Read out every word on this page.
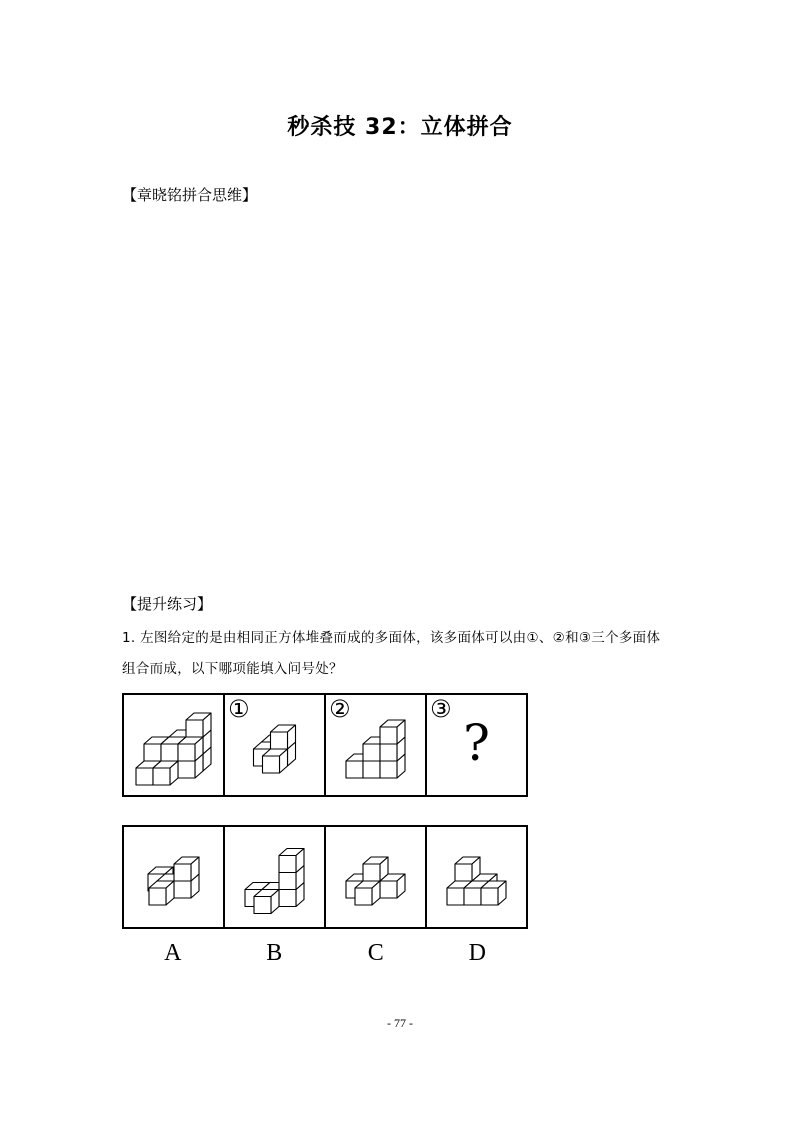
秒杀技 32：立体拼合
【章晓铭拼合思维】
【提升练习】
1. 左图给定的是由相同正方体堆叠而成的多面体，该多面体可以由①、②和③三个多面体
组合而成，以下哪项能填入问号处？
①	②	③
?
A	B	C	D
- 77 -
